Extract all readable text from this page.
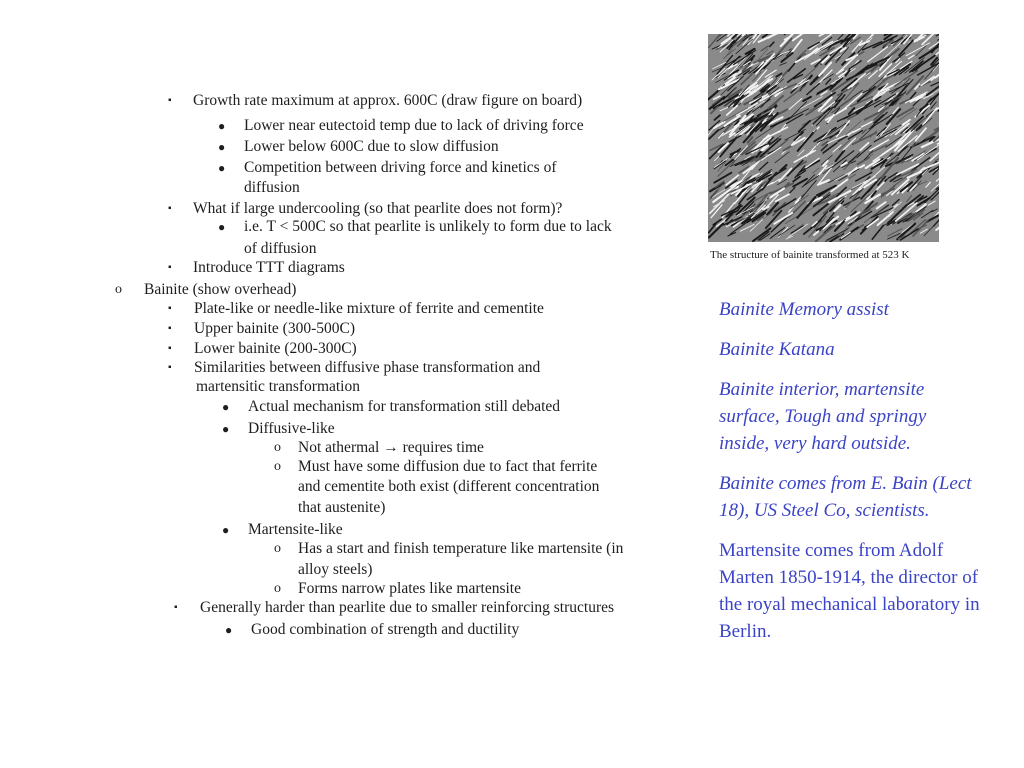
▪ Growth rate maximum at approx. 600C (draw figure on board)
● Lower near eutectoid temp due to lack of driving force
● Lower below 600C due to slow diffusion
● Competition between driving force and kinetics of
diffusion
▪ What if large undercooling (so that pearlite does not form)?
● i.e. T < 500C so that pearlite is unlikely to form due to lack
of diffusion
▪ Introduce TTT diagrams
o Bainite (show overhead)
▪ Plate-like or needle-like mixture of ferrite and cementite
▪ Upper bainite (300-500C)
▪ Lower bainite (200-300C)
▪ Similarities between diffusive phase transformation and
martensitic transformation
● Actual mechanism for transformation still debated
● Diffusive-like
o Not athermal → requires time
o Must have some diffusion due to fact that ferrite
and cementite both exist (different concentration
that austenite)
● Martensite-like
o Has a start and finish temperature like martensite (in
alloy steels)
o Forms narrow plates like martensite
▪ Generally harder than pearlite due to smaller reinforcing structures
● Good combination of strength and ductility
The structure of bainite transformed at 523 K

Bainite Memory assist

Bainite Katana

Bainite interior, martensite surface, Tough and springy inside, very hard outside.

Bainite comes from E. Bain (Lect 18), US Steel Co, scientists.

Martensite comes from Adolf Marten 1850-1914, the director of the royal mechanical laboratory in Berlin.
